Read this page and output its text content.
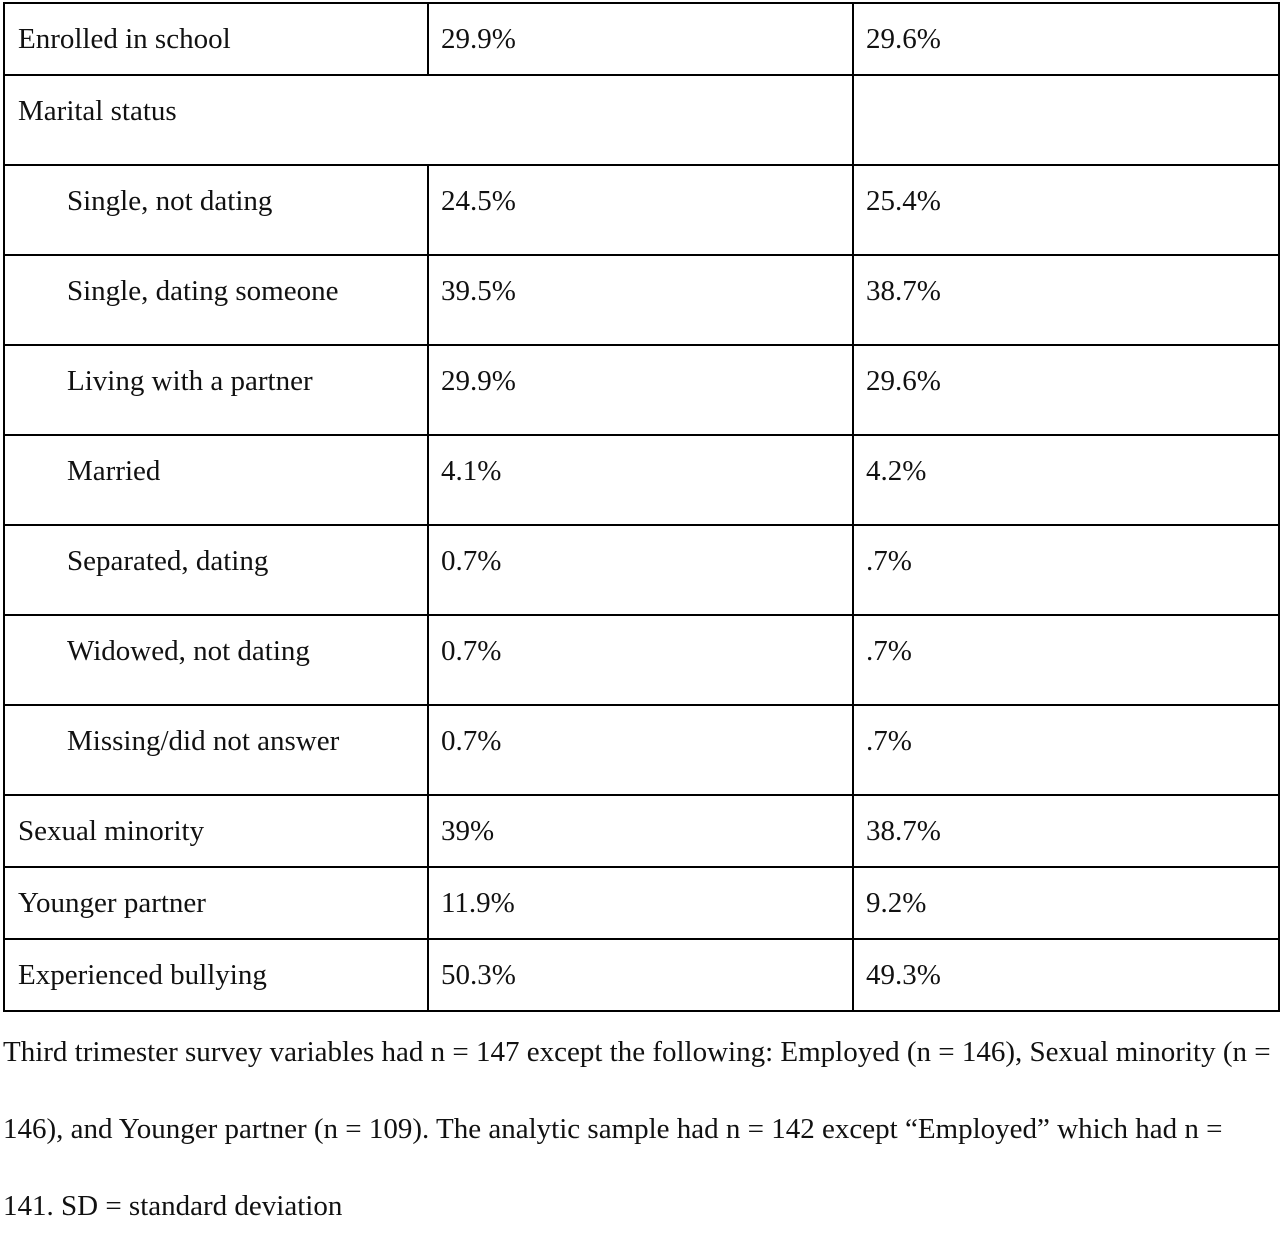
Enrolled in school	29.9%	29.6%
Marital status		
Single, not dating	24.5%	25.4%
Single, dating someone	39.5%	38.7%
Living with a partner	29.9%	29.6%
Married	4.1%	4.2%
Separated, dating	0.7%	.7%
Widowed, not dating	0.7%	.7%
Missing/did not answer	0.7%	.7%
Sexual minority	39%	38.7%
Younger partner	11.9%	9.2%
Experienced bullying	50.3%	49.3%
Third trimester survey variables had n = 147 except the following: Employed (n = 146), Sexual minority (n = 146), and Younger partner (n = 109). The analytic sample had n = 142 except “Employed” which had n = 141. SD = standard deviation
